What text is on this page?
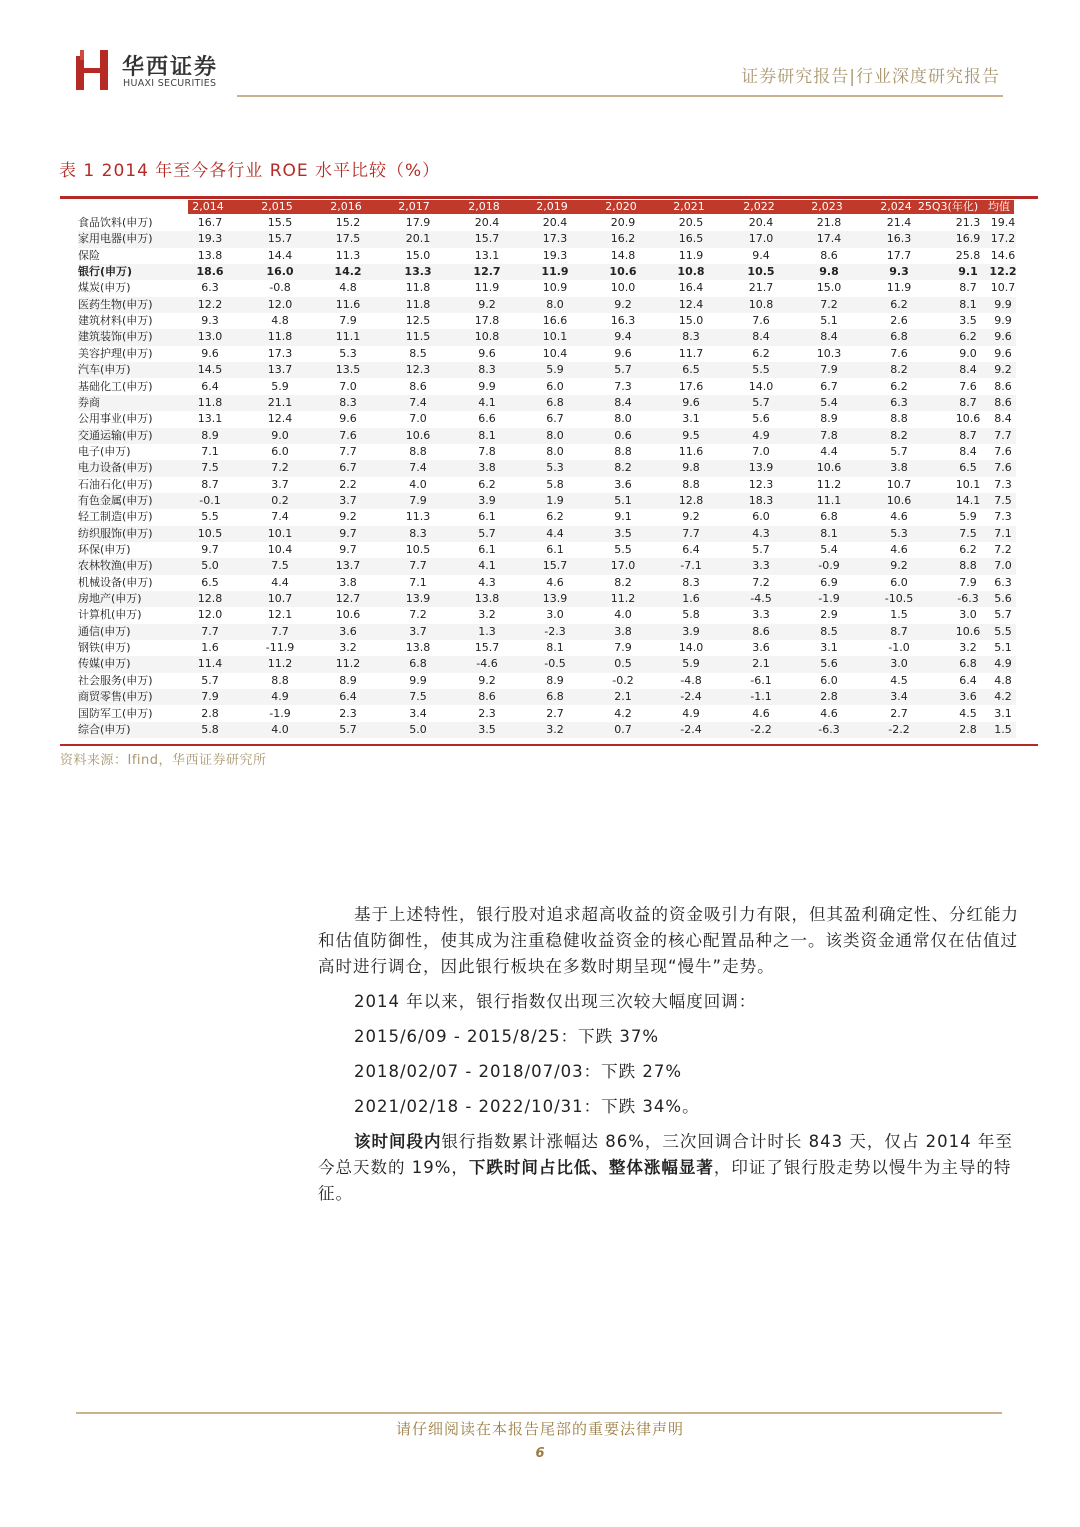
华西证券
HUAXI SECURITIES	证券研究报告|行业深度研究报告
表 1 2014 年至今各行业 ROE 水平比较（%）
2,014	2,015	2,016	2,017	2,018	2,019	2,020	2,021	2,022	2,023	2,024 25Q3(年化) 均值
食品饮料(申万)	16.7	15.5	15.2	17.9	20.4	20.4	20.9	20.5	20.4	21.8	21.4	21.3 19.4
家用电器(申万)	19.3	15.7	17.5	20.1	15.7	17.3	16.2	16.5	17.0	17.4	16.3	16.9 17.2
保险	13.8	14.4	11.3	15.0	13.1	19.3	14.8	11.9	9.4	8.6	17.7	25.8 14.6
银行(申万)	18.6	16.0	14.2	13.3	12.7	11.9	10.6	10.8	10.5	9.8	9.3	9.1	12.2
煤炭(申万)	6.3	-0.8	4.8	11.8	11.9	10.9	10.0	16.4	21.7	15.0	11.9	8.7	10.7
医药生物(申万)	12.2	12.0	11.6	11.8	9.2	8.0	9.2	12.4	10.8	7.2	6.2	8.1	9.9
建筑材料(申万)	9.3	4.8	7.9	12.5	17.8	16.6	16.3	15.0	7.6	5.1	2.6	3.5	9.9
建筑装饰(申万)	13.0	11.8	11.1	11.5	10.8	10.1	9.4	8.3	8.4	8.4	6.8	6.2	9.6
美容护理(申万)	9.6	17.3	5.3	8.5	9.6	10.4	9.6	11.7	6.2	10.3	7.6	9.0	9.6
汽车(申万)	14.5	13.7	13.5	12.3	8.3	5.9	5.7	6.5	5.5	7.9	8.2	8.4	9.2
基础化工(申万)	6.4	5.9	7.0	8.6	9.9	6.0	7.3	17.6	14.0	6.7	6.2	7.6	8.6
券商	11.8	21.1	8.3	7.4	4.1	6.8	8.4	9.6	5.7	5.4	6.3	8.7	8.6
公用事业(申万)	13.1	12.4	9.6	7.0	6.6	6.7	8.0	3.1	5.6	8.9	8.8	10.6	8.4
交通运输(申万)	8.9	9.0	7.6	10.6	8.1	8.0	0.6	9.5	4.9	7.8	8.2	8.7	7.7
电子(申万)	7.1	6.0	7.7	8.8	7.8	8.0	8.8	11.6	7.0	4.4	5.7	8.4	7.6
电力设备(申万)	7.5	7.2	6.7	7.4	3.8	5.3	8.2	9.8	13.9	10.6	3.8	6.5	7.6
石油石化(申万)	8.7	3.7	2.2	4.0	6.2	5.8	3.6	8.8	12.3	11.2	10.7	10.1	7.3
有色金属(申万)	-0.1	0.2	3.7	7.9	3.9	1.9	5.1	12.8	18.3	11.1	10.6	14.1	7.5
轻工制造(申万)	5.5	7.4	9.2	11.3	6.1	6.2	9.1	9.2	6.0	6.8	4.6	5.9	7.3
纺织服饰(申万)	10.5	10.1	9.7	8.3	5.7	4.4	3.5	7.7	4.3	8.1	5.3	7.5	7.1
环保(申万)	9.7	10.4	9.7	10.5	6.1	6.1	5.5	6.4	5.7	5.4	4.6	6.2	7.2
农林牧渔(申万)	5.0	7.5	13.7	7.7	4.1	15.7	17.0	-7.1	3.3	-0.9	9.2	8.8	7.0
机械设备(申万)	6.5	4.4	3.8	7.1	4.3	4.6	8.2	8.3	7.2	6.9	6.0	7.9	6.3
房地产(申万)	12.8	10.7	12.7	13.9	13.8	13.9	11.2	1.6	-4.5	-1.9	-10.5	-6.3	5.6
计算机(申万)	12.0	12.1	10.6	7.2	3.2	3.0	4.0	5.8	3.3	2.9	1.5	3.0	5.7
通信(申万)	7.7	7.7	3.6	3.7	1.3	-2.3	3.8	3.9	8.6	8.5	8.7	10.6	5.5
钢铁(申万)	1.6	-11.9	3.2	13.8	15.7	8.1	7.9	14.0	3.6	3.1	-1.0	3.2	5.1
传媒(申万)	11.4	11.2	11.2	6.8	-4.6	-0.5	0.5	5.9	2.1	5.6	3.0	6.8	4.9
社会服务(申万)	5.7	8.8	8.9	9.9	9.2	8.9	-0.2	-4.8	-6.1	6.0	4.5	6.4	4.8
商贸零售(申万)	7.9	4.9	6.4	7.5	8.6	6.8	2.1	-2.4	-1.1	2.8	3.4	3.6	4.2
国防军工(申万)	2.8	-1.9	2.3	3.4	2.3	2.7	4.2	4.9	4.6	4.6	2.7	4.5	3.1
综合(申万)	5.8	4.0	5.7	5.0	3.5	3.2	0.7	-2.4	-2.2	-6.3	-2.2	2.8	1.5
资料来源：Ifind，华西证券研究所

基于上述特性，银行股对追求超高收益的资金吸引力有限，但其盈利确定性、分红能力和估值防御性，使其成为注重稳健收益资金的核心配置品种之一。该类资金通常仅在估值过高时进行调仓，因此银行板块在多数时期呈现“慢牛”走势。

2014 年以来，银行指数仅出现三次较大幅度回调：

2015/6/09 - 2015/8/25：下跌 37%

2018/02/07 - 2018/07/03：下跌 27%

2021/02/18 - 2022/10/31：下跌 34%。

该时间段内银行指数累计涨幅达 86%，三次回调合计时长 843 天，仅占 2014 年至今总天数的 19%，下跌时间占比低、整体涨幅显著，印证了银行股走势以慢牛为主导的特征。

请仔细阅读在本报告尾部的重要法律声明
6
